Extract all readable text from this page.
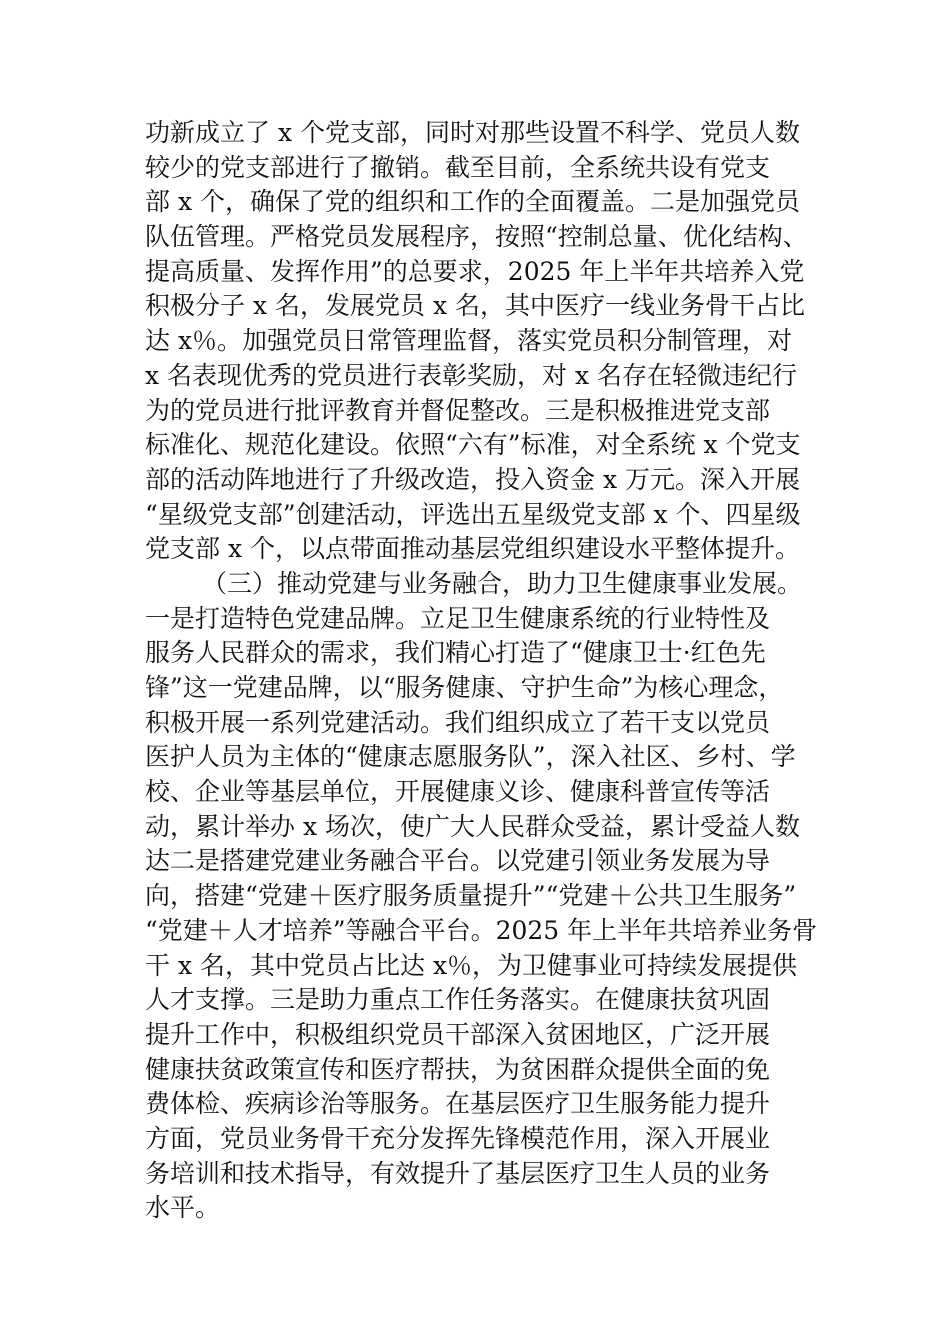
功新成立了 x 个党支部，同时对那些设置不科学、党员人数
较少的党支部进行了撤销。截至目前，全系统共设有党支
部 x 个，确保了党的组织和工作的全面覆盖。二是加强党员
队伍管理。严格党员发展程序，按照“控制总量、优化结构、
提高质量、发挥作用”的总要求，2025 年上半年共培养入党
积极分子 x 名，发展党员 x 名，其中医疗一线业务骨干占比
达 x％。加强党员日常管理监督，落实党员积分制管理，对
x 名表现优秀的党员进行表彰奖励，对 x 名存在轻微违纪行
为的党员进行批评教育并督促整改。三是积极推进党支部
标准化、规范化建设。依照“六有”标准，对全系统 x 个党支
部的活动阵地进行了升级改造，投入资金 x 万元。深入开展
“星级党支部”创建活动，评选出五星级党支部 x 个、四星级
党支部 x 个，以点带面推动基层党组织建设水平整体提升。
（三）推动党建与业务融合，助力卫生健康事业发展。
一是打造特色党建品牌。立足卫生健康系统的行业特性及
服务人民群众的需求，我们精心打造了“健康卫士·红色先
锋”这一党建品牌，以“服务健康、守护生命”为核心理念，
积极开展一系列党建活动。我们组织成立了若干支以党员
医护人员为主体的“健康志愿服务队”，深入社区、乡村、学
校、企业等基层单位，开展健康义诊、健康科普宣传等活
动，累计举办 x 场次，使广大人民群众受益，累计受益人数
达二是搭建党建业务融合平台。以党建引领业务发展为导
向，搭建“党建＋医疗服务质量提升”“党建＋公共卫生服务”
“党建＋人才培养”等融合平台。2025 年上半年共培养业务骨
干 x 名，其中党员占比达 x％，为卫健事业可持续发展提供
人才支撑。三是助力重点工作任务落实。在健康扶贫巩固
提升工作中，积极组织党员干部深入贫困地区，广泛开展
健康扶贫政策宣传和医疗帮扶，为贫困群众提供全面的免
费体检、疾病诊治等服务。在基层医疗卫生服务能力提升
方面，党员业务骨干充分发挥先锋模范作用，深入开展业
务培训和技术指导，有效提升了基层医疗卫生人员的业务
水平。
